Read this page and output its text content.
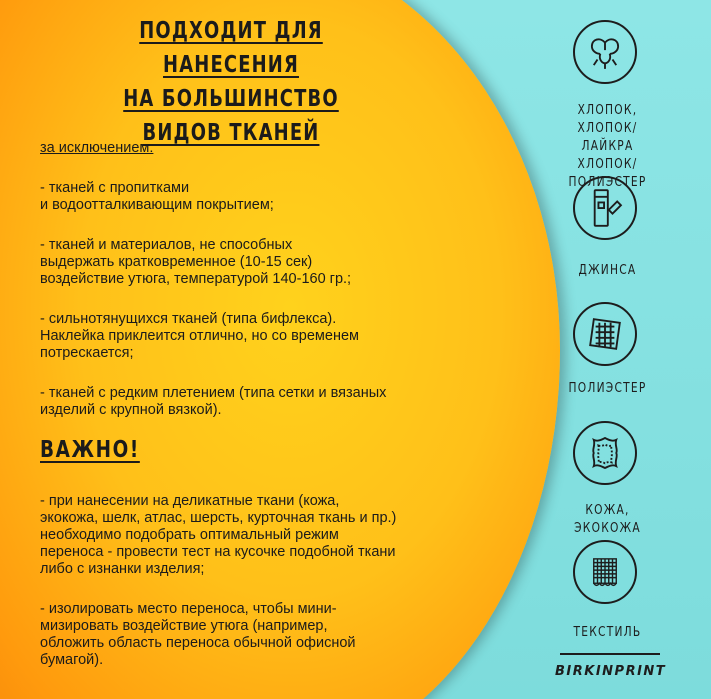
ПОДХОДИТ ДЛЯ НАНЕСЕНИЯ
НА БОЛЬШИНСТВО
ВИДОВ ТКАНЕЙ
за исключением:
- тканей с пропитками
и водоотталкивающим покрытием;
- тканей и материалов, не способных
выдержать кратковременное (10-15 сек)
воздействие утюга, температурой 140-160 гр.;
- сильнотянущихся тканей (типа бифлекса).
Наклейка приклеится отлично, но со временем
потрескается;
- тканей с редким плетением (типа сетки и вязаных
изделий с крупной вязкой).
ВАЖНО!
- при нанесении на деликатные ткани (кожа,
экокожа, шелк, атлас, шерсть, курточная ткань и пр.)
необходимо подобрать оптимальный режим
переноса - провести тест на кусочке подобной ткани
либо с изнанки изделия;
- изолировать место переноса, чтобы мини-
мизировать воздействие утюга (например,
обложить область переноса обычной офисной
бумагой).
ХЛОПОК,
ХЛОПОК/ЛАЙКРА
ХЛОПОК/ПОЛИЭСТЕР
ДЖИНСА
ПОЛИЭСТЕР
КОЖА, ЭКОКОЖА
ТЕКСТИЛЬ
BIRKINPRINT
